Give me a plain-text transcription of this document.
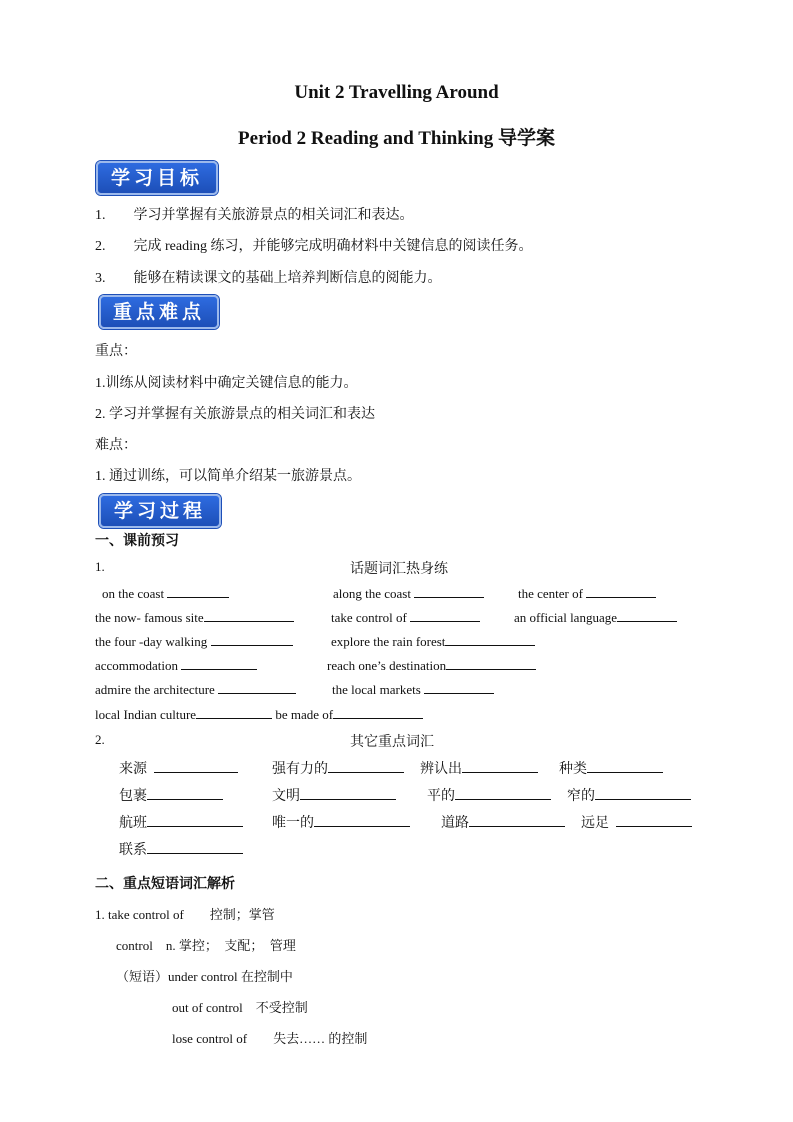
Unit 2 Travelling Around
Period 2 Reading and Thinking 导学案
学习目标
1.　　学习并掌握有关旅游景点的相关词汇和表达。
2.　　完成 reading 练习，并能够完成明确材料中关键信息的阅读任务。
3.　　能够在精读课文的基础上培养判断信息的阅能力。
重点难点
重点：
1.训练从阅读材料中确定关键信息的能力。
2. 学习并掌握有关旅游景点的相关词汇和表达
难点：
1. 通过训练，可以简单介绍某一旅游景点。
学习过程
一、课前预习
1.	话题词汇热身练
on the coast	along the coast	the center of
the now- famous site	take control of	an official language
the four -day walking	explore the rain forest
accommodation	reach one’s destination
admire the architecture	the local markets
local Indian culture	be made of
2.	其它重点词汇
来源	强有力的	辨认出	种类
包裹	文明	平的	窄的
航班	唯一的	道路	远足
联系
二、重点短语词汇解析
1. take control of　　控制；掌管
control　n. 掌控；　支配；　管理
（短语）under control 在控制中
out of control　不受控制
lose control of　　失去…… 的控制
